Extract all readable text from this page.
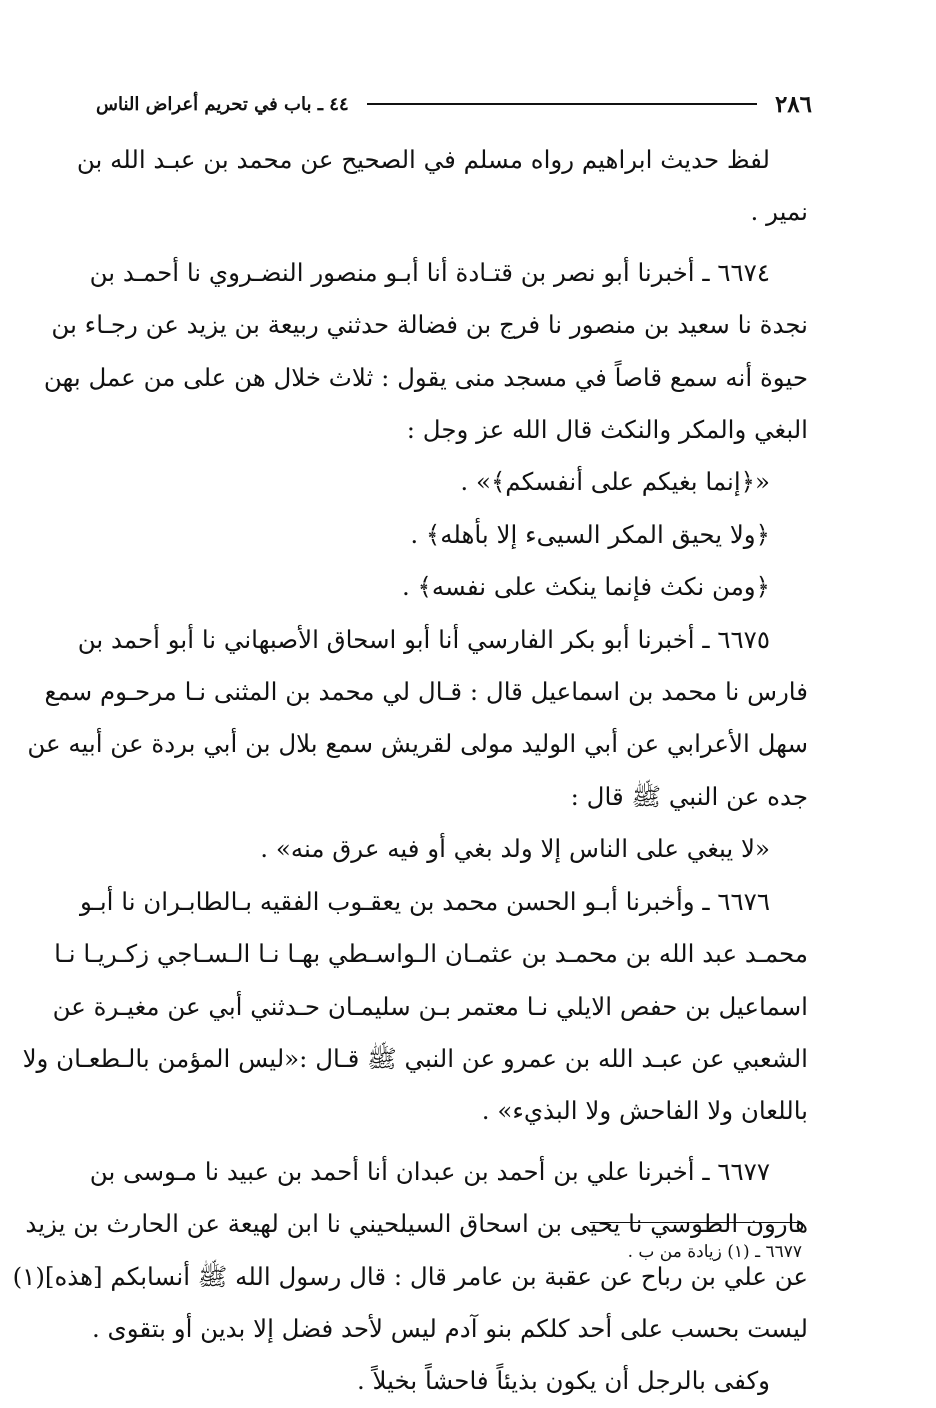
٢٨٦
٤٤ ـ باب في تحريم أعراض الناس
لفظ حديث ابراهيم رواه مسلم في الصحيح عن محمد بن عبـد الله بن
نمير .
٦٦٧٤ ـ أخبرنا أبو نصر بن قتـادة أنا أبـو منصور النضـروي نا أحمـد بن
نجدة نا سعيد بن منصور نا فرج بن فضالة حدثني ربيعة بن يزيد عن رجـاء بن
حيوة أنه سمع قاصاً في مسجد منى يقول : ثلاث خلال هن على من عمل بهن
البغي والمكر والنكث قال الله عز وجل :
«﴿إنما بغيكم على أنفسكم﴾» .
﴿ولا يحيق المكر السيىء إلا بأهله﴾ .
﴿ومن نكث فإنما ينكث على نفسه﴾ .
٦٦٧٥ ـ أخبرنا أبو بكر الفارسي أنا أبو اسحاق الأصبهاني نا أبو أحمد بن
فارس نا محمد بن اسماعيل قال : قـال لي محمد بن المثنى نـا مرحـوم سمع
سهل الأعرابي عن أبي الوليد مولى لقريش سمع بلال بن أبي بردة عن أبيه عن
جده عن النبي ﷺ قال :
«لا يبغي على الناس إلا ولد بغي أو فيه عرق منه» .
٦٦٧٦ ـ وأخبرنا أبـو الحسن محمد بن يعقـوب الفقيه بـالطابـران نا أبـو
محمـد عبد الله بن محمـد بن عثمـان الـواسـطي بهـا نـا الـسـاجي زكـريـا نـا
اسماعيل بن حفص الايلي نـا معتمر بـن سليمـان حـدثني أبي عن مغيـرة عن
الشعبي عن عبـد الله بن عمرو عن النبي ﷺ قـال :«ليس المؤمن بالـطعـان ولا
باللعان ولا الفاحش ولا البذيء» .
٦٦٧٧ ـ أخبرنا علي بن أحمد بن عبدان أنا أحمد بن عبيد نا مـوسى بن
هارون الطوسي نا يحيى بن اسحاق السيلحيني نا ابن لهيعة عن الحارث بن يزيد
عن علي بن رباح عن عقبة بن عامر قال : قال رسول الله ﷺ أنسابكم [هذه](١)
ليست بحسب على أحد كلكم بنو آدم ليس لأحد فضل إلا بدين أو بتقوى .
وكفى بالرجل أن يكون بذيئاً فاحشاً بخيلاً .
٦٦٧٧ ـ (١) زيادة من ب .
